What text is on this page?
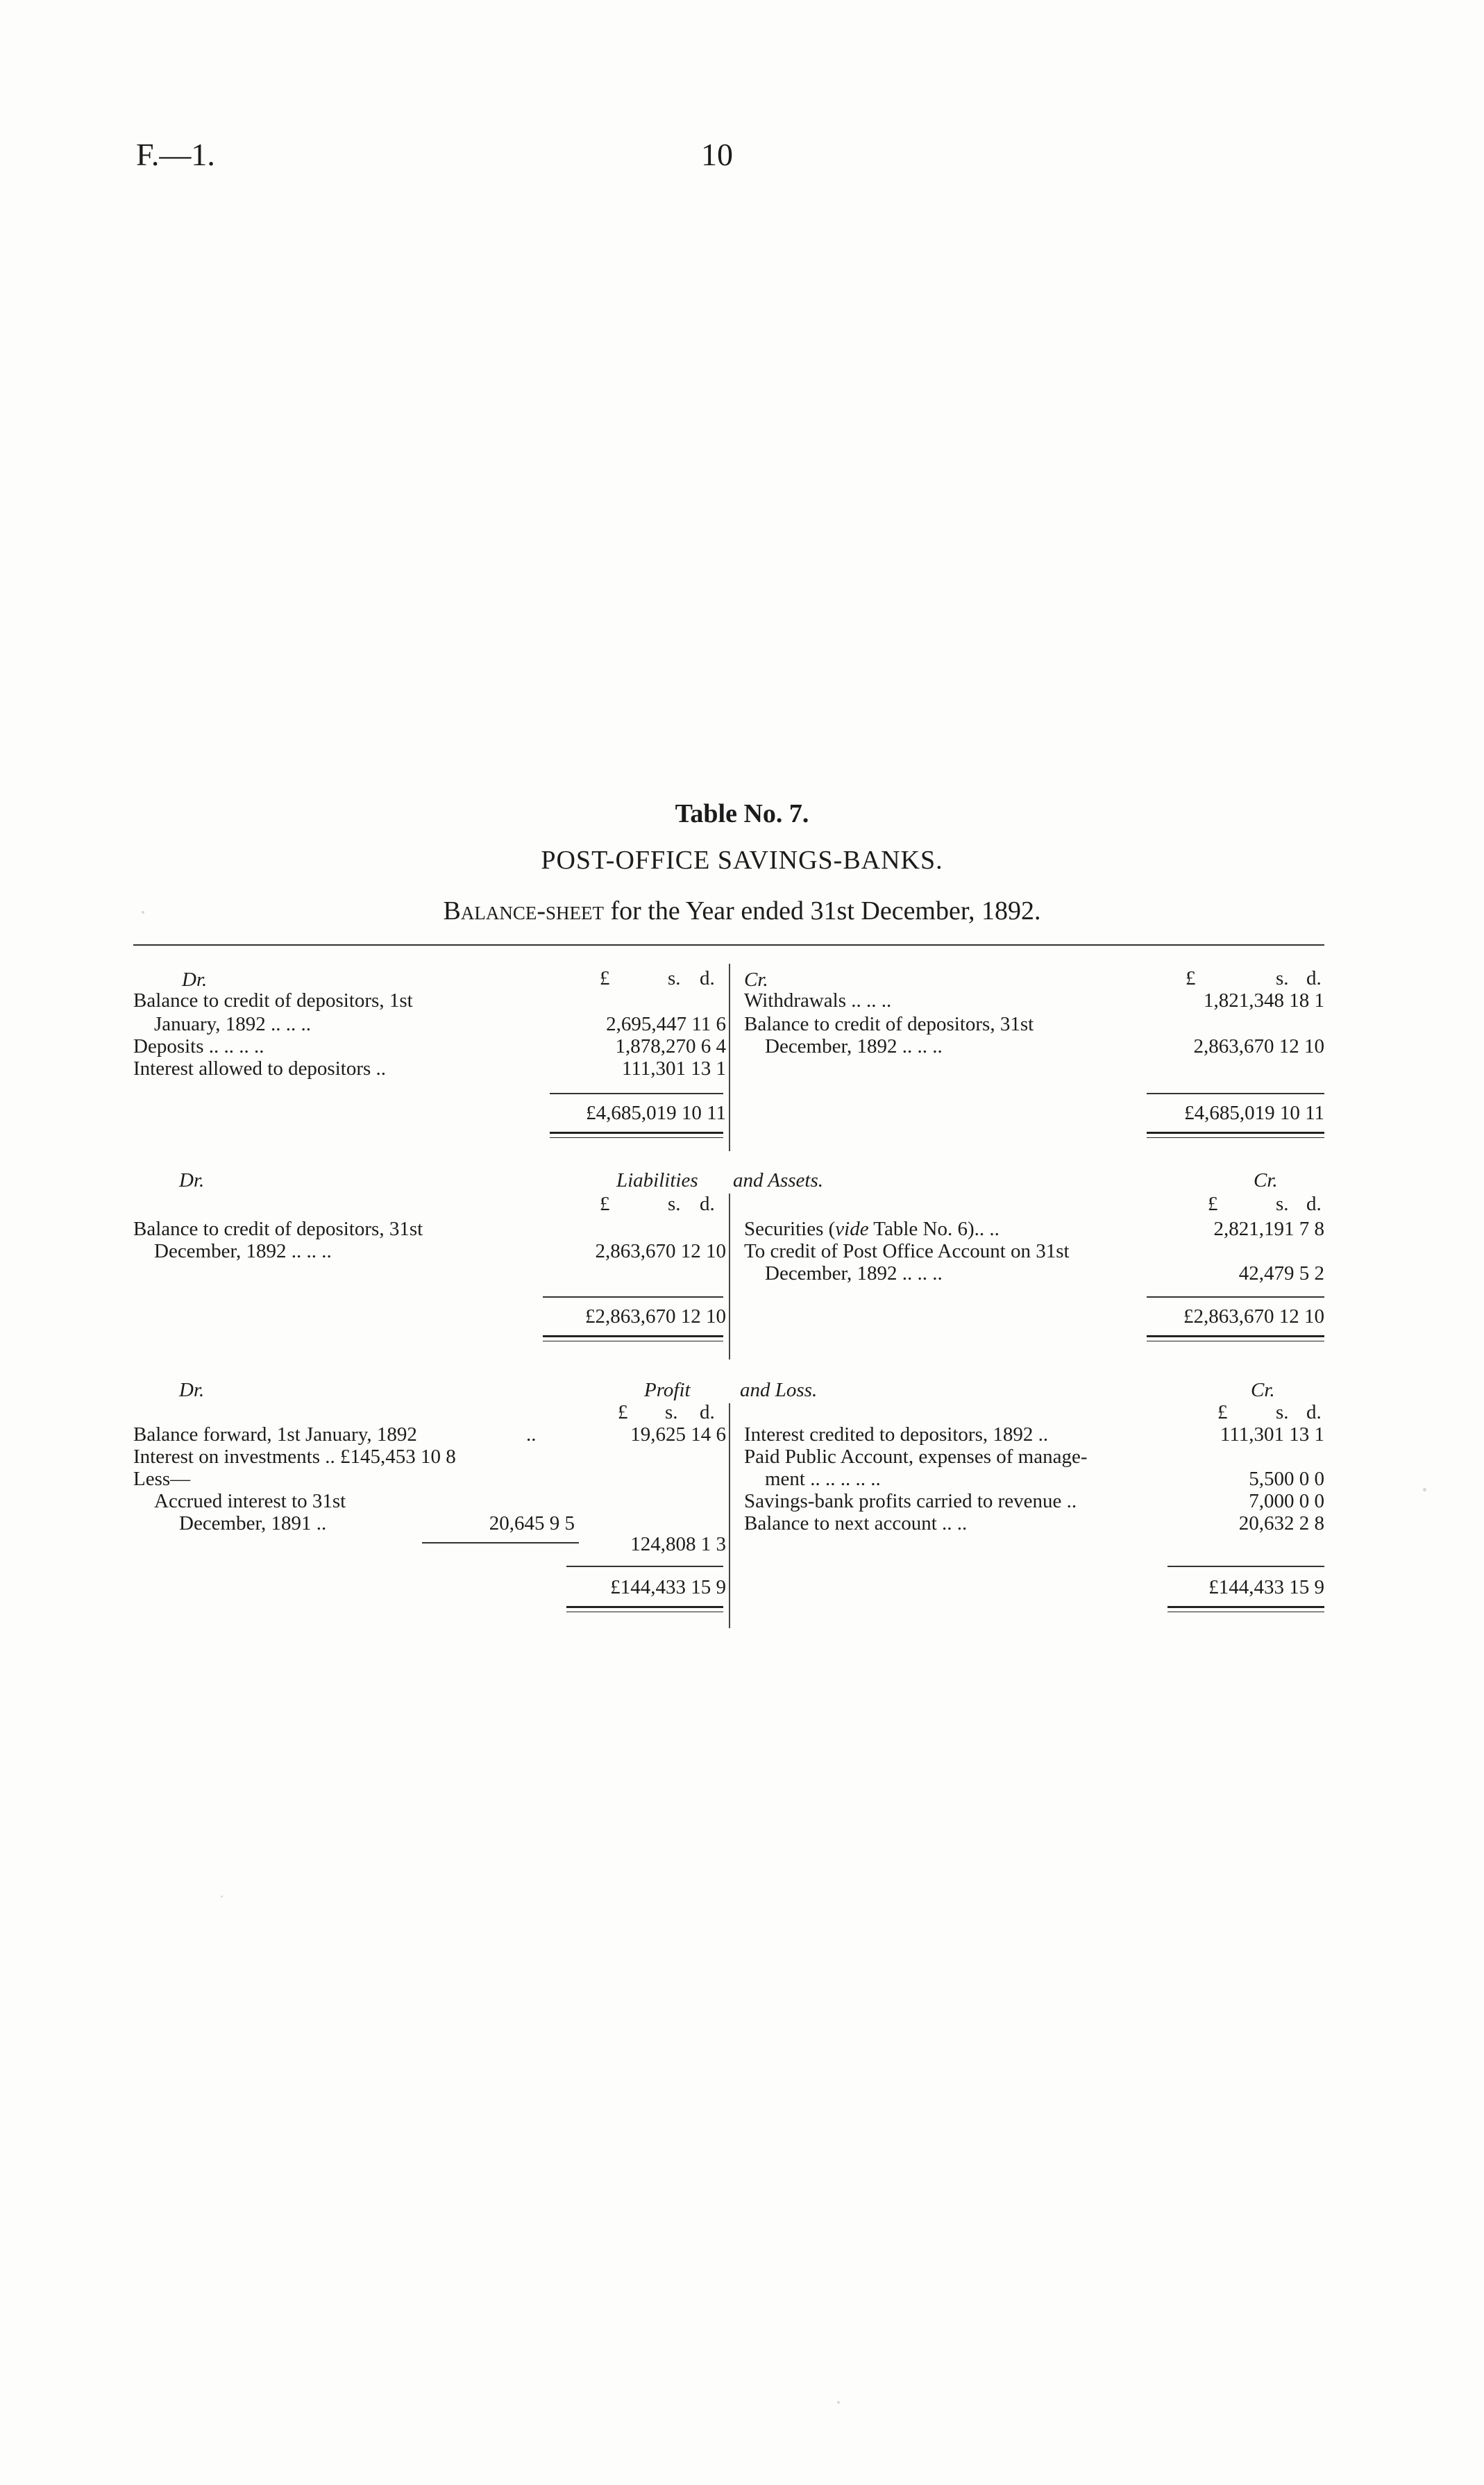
F.—1.	10
Table No. 7.
POST-OFFICE SAVINGS-BANKS.
Balance-sheet for the Year ended 31st December, 1892.
Dr.	£	s. d.
Balance to credit of depositors, 1st
January, 1892 .. .. ..	2,695,447 11 6
Deposits .. .. .. ..	1,878,270 6 4
Interest allowed to depositors ..	111,301 13 1
£4,685,019 10 11
Cr.	£	s. d.
Withdrawals .. .. ..	1,821,348 18 1
Balance to credit of depositors, 31st
December, 1892 .. .. ..	2,863,670 12 10
£4,685,019 10 11
Dr.	Liabilities and Assets.	Cr.
£	s. d.	£	s. d.
Balance to credit of depositors, 31st
December, 1892 .. .. ..	2,863,670 12 10
£2,863,670 12 10
Securities (vide Table No. 6).. ..	2,821,191 7 8
To credit of Post Office Account on 31st
December, 1892 .. .. ..	42,479 5 2
£2,863,670 12 10
Dr.	Profit and Loss.	Cr.
£ s. d.	£ s. d.
Balance forward, 1st January, 1892	..	19,625 14 6
Interest on investments .. £145,453 10 8
Less—
Accrued interest to 31st
December, 1891 ..	20,645 9 5
124,808 1 3
£144,433 15 9
Interest credited to depositors, 1892 ..	111,301 13 1
Paid Public Account, expenses of manage-
ment .. .. .. .. ..	5,500 0 0
Savings-bank profits carried to revenue ..	7,000 0 0
Balance to next account .. ..	20,632 2 8
£144,433 15 9
